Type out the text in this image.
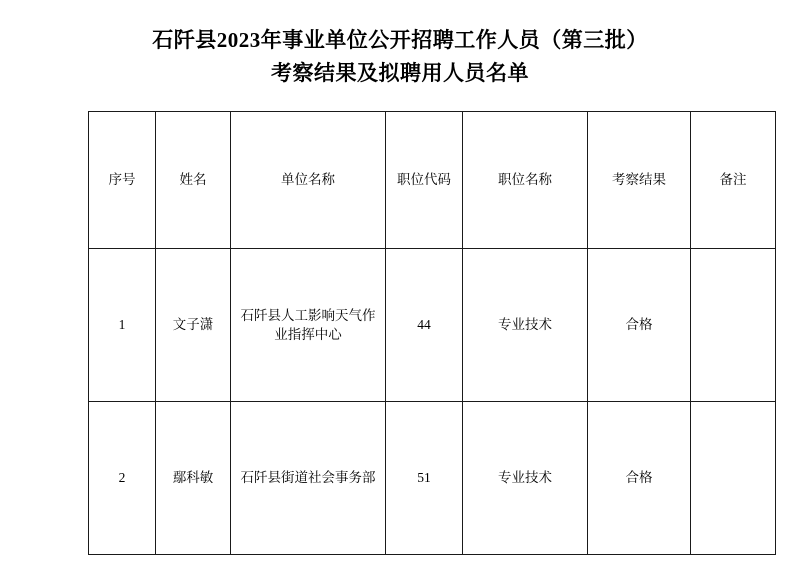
石阡县2023年事业单位公开招聘工作人员（第三批）
考察结果及拟聘用人员名单
序号	姓名	单位名称	职位代码	职位名称	考察结果	备注
1	文子潇	石阡县人工影响天气作业指挥中心	44	专业技术	合格	
2	鄢科敏	石阡县街道社会事务部	51	专业技术	合格	
